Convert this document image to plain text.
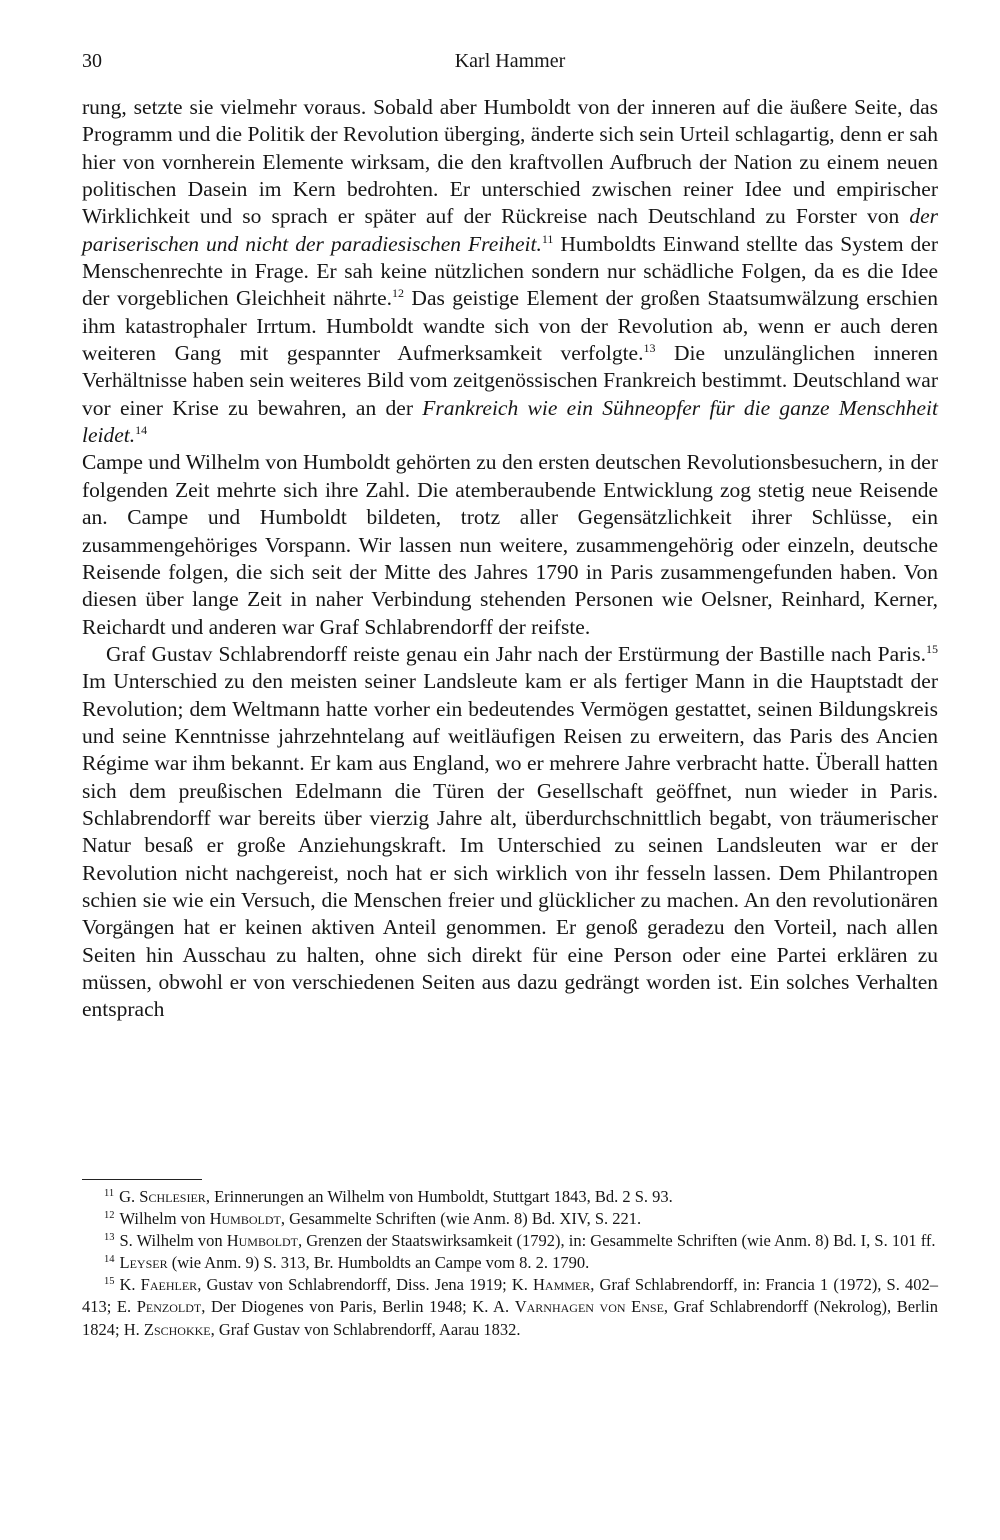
30	Karl Hammer

rung, setzte sie vielmehr voraus. Sobald aber Humboldt von der inneren auf die äußere Seite, das Programm und die Politik der Revolution überging, änderte sich sein Urteil schlagartig, denn er sah hier von vornherein Elemente wirksam, die den kraftvollen Aufbruch der Nation zu einem neuen politischen Dasein im Kern bedrohten. Er unterschied zwischen reiner Idee und empirischer Wirklichkeit und so sprach er später auf der Rückreise nach Deutschland zu Forster von der pariserischen und nicht der paradiesischen Freiheit.$^{11}$ Humboldts Einwand stellte das System der Menschenrechte in Frage. Er sah keine nützlichen sondern nur schädliche Folgen, da es die Idee der vorgeblichen Gleichheit nährte.$^{12}$ Das geistige Element der großen Staatsumwälzung erschien ihm katastrophaler Irrtum. Humboldt wandte sich von der Revolution ab, wenn er auch deren weiteren Gang mit gespannter Aufmerksamkeit verfolgte.$^{13}$ Die unzulänglichen inneren Verhältnisse haben sein weiteres Bild vom zeitgenössischen Frankreich bestimmt. Deutschland war vor einer Krise zu bewahren, an der Frankreich wie ein Sühneopfer für die ganze Menschheit leidet.$^{14}$

Campe und Wilhelm von Humboldt gehörten zu den ersten deutschen Revolutionsbesuchern, in der folgenden Zeit mehrte sich ihre Zahl. Die atemberaubende Entwicklung zog stetig neue Reisende an. Campe und Humboldt bildeten, trotz aller Gegensätzlichkeit ihrer Schlüsse, ein zusammengehöriges Vorspann. Wir lassen nun weitere, zusammengehörig oder einzeln, deutsche Reisende folgen, die sich seit der Mitte des Jahres 1790 in Paris zusammengefunden haben. Von diesen über lange Zeit in naher Verbindung stehenden Personen wie Oelsner, Reinhard, Kerner, Reichardt und anderen war Graf Schlabrendorff der reifste.

Graf Gustav Schlabrendorff reiste genau ein Jahr nach der Erstürmung der Bastille nach Paris.$^{15}$ Im Unterschied zu den meisten seiner Landsleute kam er als fertiger Mann in die Hauptstadt der Revolution; dem Weltmann hatte vorher ein bedeutendes Vermögen gestattet, seinen Bildungskreis und seine Kenntnisse jahrzehntelang auf weitläufigen Reisen zu erweitern, das Paris des Ancien Régime war ihm bekannt. Er kam aus England, wo er mehrere Jahre verbracht hatte. Überall hatten sich dem preußischen Edelmann die Türen der Gesellschaft geöffnet, nun wieder in Paris. Schlabrendorff war bereits über vierzig Jahre alt, überdurchschnittlich begabt, von träumerischer Natur besaß er große Anziehungskraft. Im Unterschied zu seinen Landsleuten war er der Revolution nicht nachgereist, noch hat er sich wirklich von ihr fesseln lassen. Dem Philantropen schien sie wie ein Versuch, die Menschen freier und glücklicher zu machen. An den revolutionären Vorgängen hat er keinen aktiven Anteil genommen. Er genoß geradezu den Vorteil, nach allen Seiten hin Ausschau zu halten, ohne sich direkt für eine Person oder eine Partei erklären zu müssen, obwohl er von verschiedenen Seiten aus dazu gedrängt worden ist. Ein solches Verhalten entsprach

$^{11}$ G. Schlesier, Erinnerungen an Wilhelm von Humboldt, Stuttgart 1843, Bd. 2 S. 93.

$^{12}$ Wilhelm von Humboldt, Gesammelte Schriften (wie Anm. 8) Bd. XIV, S. 221.

$^{13}$ S. Wilhelm von Humboldt, Grenzen der Staatswirksamkeit (1792), in: Gesammelte Schriften (wie Anm. 8) Bd. I, S. 101 ff.

$^{14}$ Leyser (wie Anm. 9) S. 313, Br. Humboldts an Campe vom 8. 2. 1790.

$^{15}$ K. Faehler, Gustav von Schlabrendorff, Diss. Jena 1919; K. Hammer, Graf Schlabrendorff, in: Francia 1 (1972), S. 402–413; E. Penzoldt, Der Diogenes von Paris, Berlin 1948; K. A. Varnhagen von Ense, Graf Schlabrendorff (Nekrolog), Berlin 1824; H. Zschokke, Graf Gustav von Schlabrendorff, Aarau 1832.
